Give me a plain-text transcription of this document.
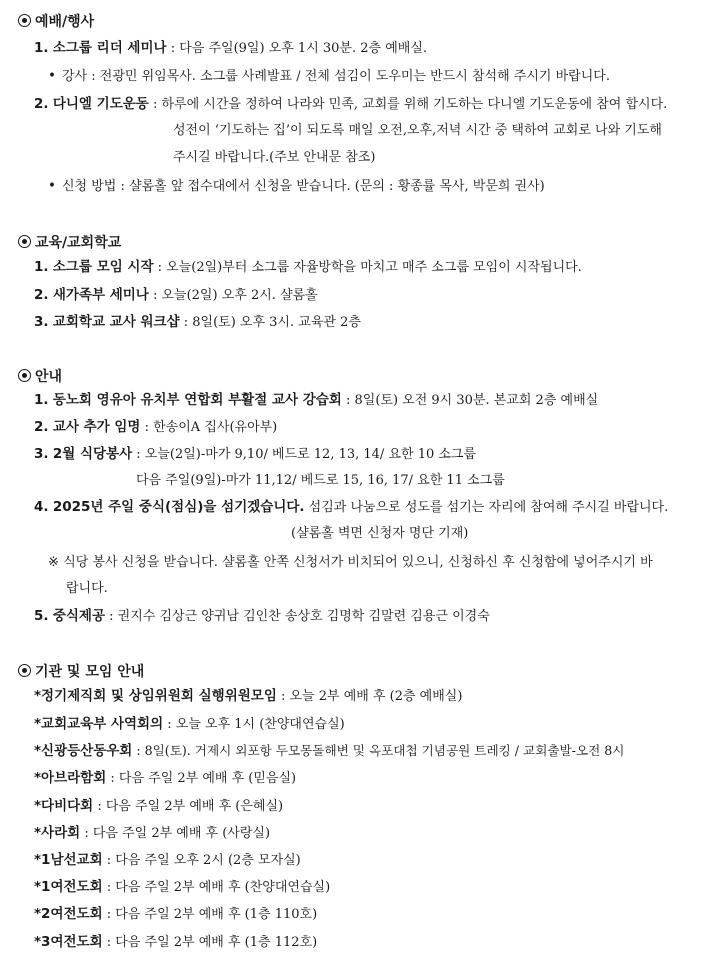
예배/행사
1. 소그룹 리더 세미나 : 다음 주일(9일) 오후 1시 30분. 2층 예배실.
• 강사 : 전광민 위임목사. 소그룹 사례발표 / 전체 섬김이 도우미는 반드시 참석해 주시기 바랍니다.
2. 다니엘 기도운동 : 하루에 시간을 정하여 나라와 민족, 교회를 위해 기도하는 다니엘 기도운동에 참여 합시다.
성전이 ‘기도하는 집’이 되도록 매일 오전,오후,저녁 시간 중 택하여 교회로 나와 기도해
주시길 바랍니다.(주보 안내문 참조)
• 신청 방법 : 샬롬홀 앞 접수대에서 신청을 받습니다. (문의 : 황종률 목사, 박문희 권사)
교육/교회학교
1. 소그룹 모임 시작 : 오늘(2일)부터 소그룹 자율방학을 마치고 매주 소그룹 모임이 시작됩니다.
2. 새가족부 세미나 : 오늘(2일) 오후 2시. 샬롬홀
3. 교회학교 교사 워크샵 : 8일(토) 오후 3시. 교육관 2층
안내
1. 동노회 영유아 유치부 연합회 부활절 교사 강습회 : 8일(토) 오전 9시 30분. 본교회 2층 예배실
2. 교사 추가 임명 : 한송이A 집사(유아부)
3. 2월 식당봉사 : 오늘(2일)-마가 9,10/ 베드로 12, 13, 14/ 요한 10 소그룹
다음 주일(9일)-마가 11,12/ 베드로 15, 16, 17/ 요한 11 소그룹
4. 2025년 주일 중식(점심)을 섬기겠습니다. 섬김과 나눔으로 성도를 섬기는 자리에 참여해 주시길 바랍니다.
(샬롬홀 벽면 신청자 명단 기재)
※ 식당 봉사 신청을 받습니다. 샬롬홀 안쪽 신청서가 비치되어 있으니, 신청하신 후 신청함에 넣어주시기 바
랍니다.
5. 중식제공 : 권지수 김상근 양귀남 김인찬 송상호 김명학 김말련 김용근 이경숙
기관 및 모임 안내
*정기제직회 및 상임위원회 실행위원모임 : 오늘 2부 예배 후 (2층 예배실)
*교회교육부 사역회의 : 오늘 오후 1시 (찬양대연습실)
*신광등산동우회 : 8일(토). 거제시 외포항 두모몽돌해변 및 옥포대첩 기념공원 트레킹 / 교회출발-오전 8시
*아브라함회 : 다음 주일 2부 예배 후 (믿음실)
*다비다회 : 다음 주일 2부 예배 후 (은혜실)
*사라회 : 다음 주일 2부 예배 후 (사랑실)
*1남선교회 : 다음 주일 오후 2시 (2층 모자실)
*1여전도회 : 다음 주일 2부 예배 후 (찬양대연습실)
*2여전도회 : 다음 주일 2부 예배 후 (1층 110호)
*3여전도회 : 다음 주일 2부 예배 후 (1층 112호)
